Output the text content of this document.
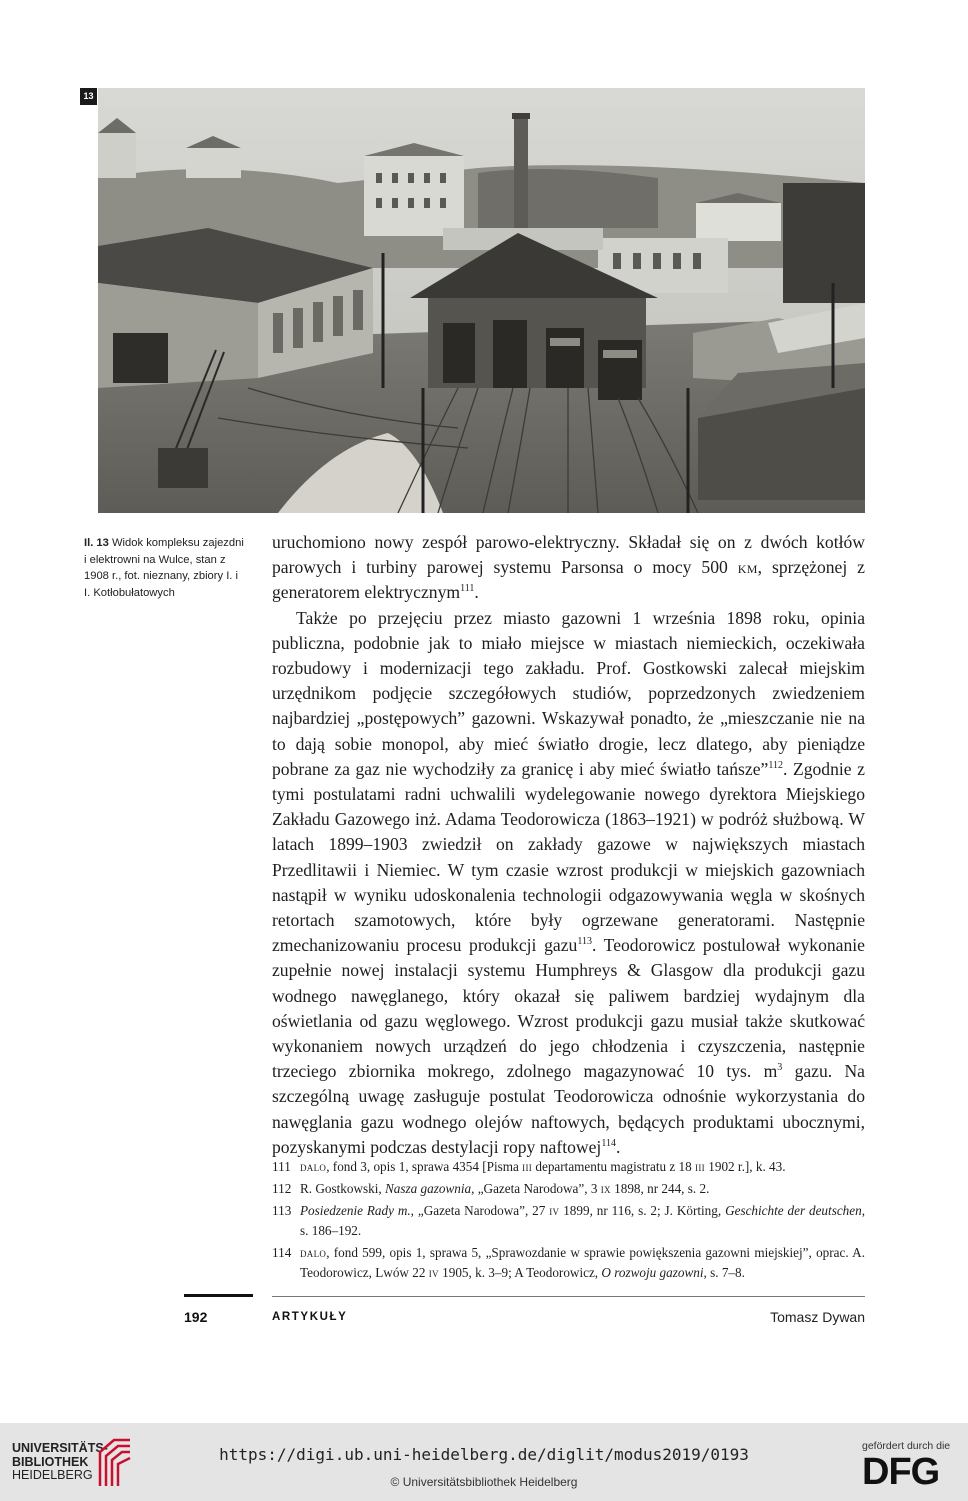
13
Il. 13 Widok kompleksu zajezdni i elektrowni na Wulce, stan z 1908 r., fot. nieznany, zbiory I. i I. Kotłobułatowych

uruchomiono nowy zespół parowo-elektryczny. Składał się on z dwóch kotłów parowych i turbiny parowej systemu Parsonsa o mocy 500 km, sprzężonej z generatorem elektrycznym$^{111}$.

Także po przejęciu przez miasto gazowni 1 września 1898 roku, opinia publiczna, podobnie jak to miało miejsce w miastach niemieckich, oczekiwała rozbudowy i modernizacji tego zakładu. Prof. Gostkowski zalecał miejskim urzędnikom podjęcie szczegółowych studiów, poprzedzonych zwiedzeniem najbardziej „postępowych” gazowni. Wskazywał ponadto, że „mieszczanie nie na to dają sobie monopol, aby mieć światło drogie, lecz dlatego, aby pieniądze pobrane za gaz nie wychodziły za granicę i aby mieć światło tańsze”$^{112}$. Zgodnie z tymi postulatami radni uchwalili wydelegowanie nowego dyrektora Miejskiego Zakładu Gazowego inż. Adama Teodorowicza (1863–1921) w podróż służbową. W latach 1899–1903 zwiedził on zakłady gazowe w największych miastach Przedlitawii i Niemiec. W tym czasie wzrost produkcji w miejskich gazowniach nastąpił w wyniku udoskonalenia technologii odgazowywania węgla w skośnych retortach szamotowych, które były ogrzewane generatorami. Następnie zmechanizowaniu procesu produkcji gazu$^{113}$. Teodorowicz postulował wykonanie zupełnie nowej instalacji systemu Humphreys & Glasgow dla produkcji gazu wodnego nawęglanego, który okazał się paliwem bardziej wydajnym dla oświetlania od gazu węglowego. Wzrost produkcji gazu musiał także skutkować wykonaniem nowych urządzeń do jego chłodzenia i czyszczenia, następnie trzeciego zbiornika mokrego, zdolnego magazynować 10 tys. $m^3$ gazu. Na szczególną uwagę zasługuje postulat Teodorowicza odnośnie wykorzystania do nawęglania gazu wodnego olejów naftowych, będących produktami ubocznymi, pozyskanymi podczas destylacji ropy naftowej$^{114}$.

111 dalo, fond 3, opis 1, sprawa 4354 [Pisma iii departamentu magistratu z 18 iii 1902 r.], k. 43.
112 R. Gostkowski, Nasza gazownia, „Gazeta Narodowa”, 3 ix 1898, nr 244, s. 2.
113 Posiedzenie Rady m., „Gazeta Narodowa”, 27 iv 1899, nr 116, s. 2; J. Körting, Geschichte der deutschen, s. 186–192.
114 dalo, fond 599, opis 1, sprawa 5, „Sprawozdanie w sprawie powiększenia gazowni miejskiej”, oprac. A. Teodorowicz, Lwów 22 iv 1905, k. 3–9; A Teodorowicz, O rozwoju gazowni, s. 7–8.
192	ARTYKUŁY	Tomasz Dywan
UNIVERSITÄTS-
BIBLIOTHEK
HEIDELBERG
https://digi.ub.uni-heidelberg.de/diglit/modus2019/0193
© Universitätsbibliothek Heidelberg
gefördert durch die
DFG
